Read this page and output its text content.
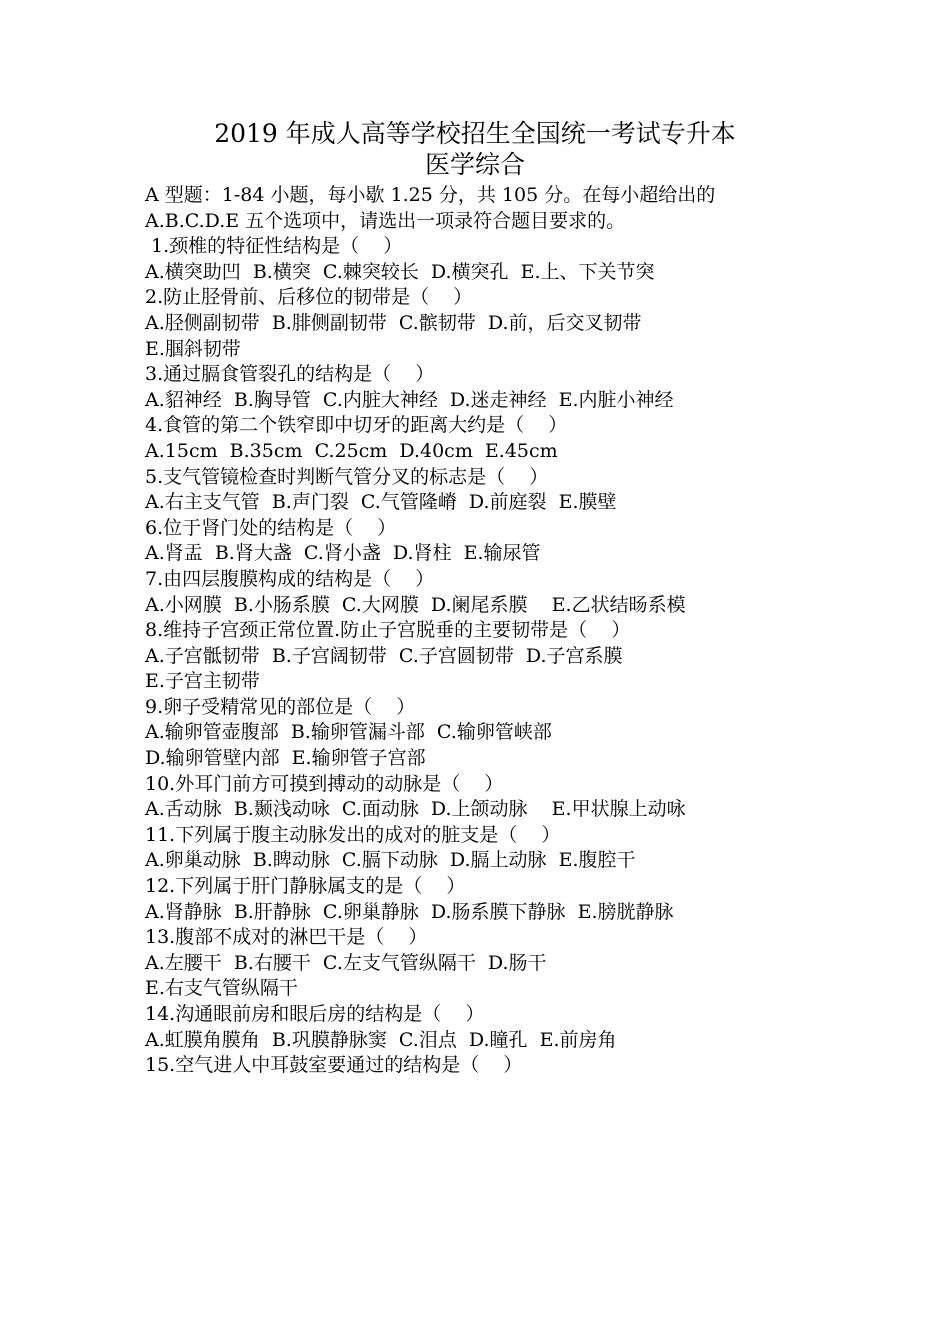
2019 年成人高等学校招生全国统一考试专升本
医学综合
A 型题：1-84 小题，每小歇 1.25 分，共 105 分。在每小超给出的
A.B.C.D.E 五个选项中，请选出一项录符合题目要求的。
1.颈椎的特征性结构是（    ）
A.横突助凹  B.横突  C.棘突较长  D.横突孔  E.上、下关节突
2.防止胫骨前、后移位的韧带是（    ）
A.胫侧副韧带  B.腓侧副韧带  C.髌韧带  D.前，后交叉韧带
E.腘斜韧带
3.通过膈食管裂孔的结构是（    ）
A.貂神经  B.胸导管  C.内脏大神经  D.迷走神经  E.内脏小神经
4.食管的第二个铁窄即中切牙的距离大约是（    ）
A.15cm  B.35cm  C.25cm  D.40cm  E.45cm
5.支气管镜检查时判断气管分叉的标志是（    ）
A.右主支气管  B.声门裂  C.气管隆嵴  D.前庭裂  E.膜壁
6.位于肾门处的结构是（    ）
A.肾盂  B.肾大盏  C.肾小盏  D.肾柱  E.输尿管
7.由四层腹膜构成的结构是（    ）
A.小网膜  B.小肠系膜  C.大网膜  D.阑尾系膜    E.乙状结旸系模
8.维持子宫颈正常位置.防止子宫脱垂的主要韧带是（    ）
A.子宫骶韧带  B.子宫阔韧带  C.子宫圆韧带  D.子宫系膜
E.子宫主韧带
9.卵子受精常见的部位是（    ）
A.输卵管壶腹部  B.输卵管漏斗部  C.输卵管峡部
D.输卵管壁内部  E.输卵管子宫部
10.外耳门前方可摸到搏动的动脉是（    ）
A.舌动脉  B.颞浅动咏  C.面动脉  D.上颌动脉    E.甲状腺上动咏
11.下列属于腹主动脉发出的成对的脏支是（    ）
A.卵巢动脉  B.睥动脉  C.膈下动脉  D.膈上动脉  E.腹腔干
12.下列属于肝门静脉属支的是（    ）
A.肾静脉  B.肝静脉  C.卵巢静脉  D.肠系膜下静脉  E.膀胱静脉
13.腹部不成对的淋巴干是（    ）
A.左腰干  B.右腰干  C.左支气管纵隔干  D.肠干
E.右支气管纵隔干
14.沟通眼前房和眼后房的结构是（    ）
A.虹膜角膜角  B.巩膜静脉窦  C.泪点  D.瞳孔  E.前房角
15.空气进人中耳鼓室要通过的结构是（    ）
